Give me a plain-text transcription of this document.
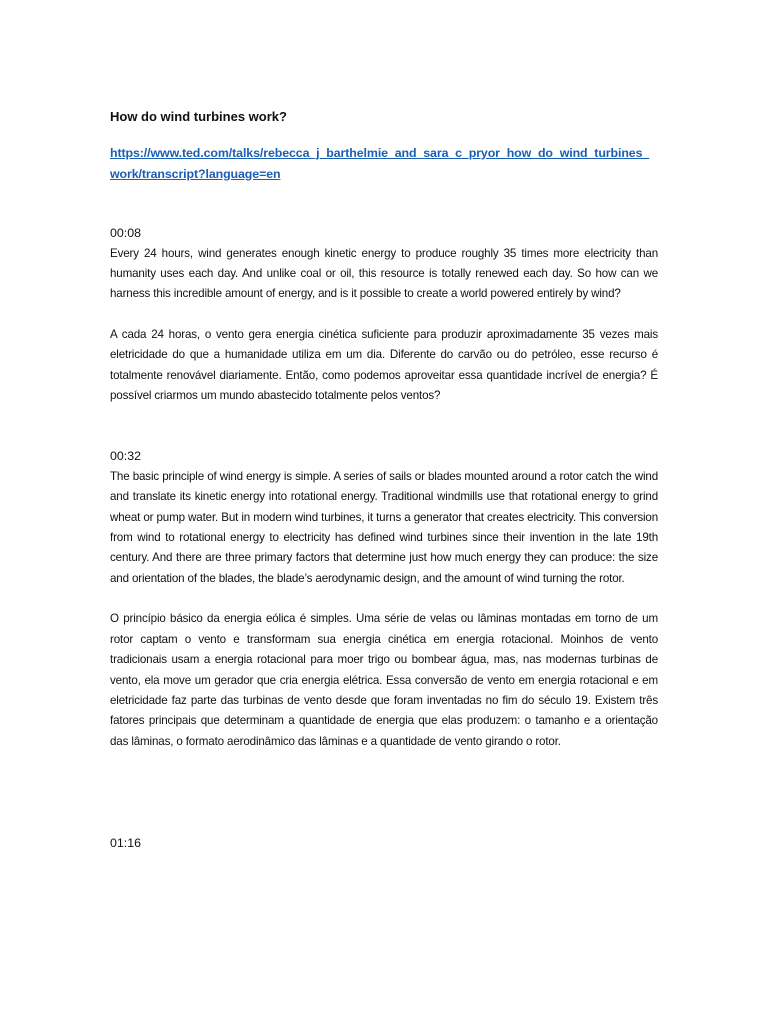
How do wind turbines work?
https://www.ted.com/talks/rebecca_j_barthelmie_and_sara_c_pryor_how_do_wind_turbines_work/transcript?language=en
00:08

Every 24 hours, wind generates enough kinetic energy to produce roughly 35 times more electricity than humanity uses each day. And unlike coal or oil, this resource is totally renewed each day. So how can we harness this incredible amount of energy, and is it possible to create a world powered entirely by wind?

A cada 24 horas, o vento gera energia cinética suficiente para produzir aproximadamente 35 vezes mais eletricidade do que a humanidade utiliza em um dia. Diferente do carvão ou do petróleo, esse recurso é totalmente renovável diariamente. Então, como podemos aproveitar essa quantidade incrível de energia? É possível criarmos um mundo abastecido totalmente pelos ventos?

00:32

The basic principle of wind energy is simple. A series of sails or blades mounted around a rotor catch the wind and translate its kinetic energy into rotational energy. Traditional windmills use that rotational energy to grind wheat or pump water. But in modern wind turbines, it turns a generator that creates electricity. This conversion from wind to rotational energy to electricity has defined wind turbines since their invention in the late 19th century. And there are three primary factors that determine just how much energy they can produce: the size and orientation of the blades, the blade’s aerodynamic design, and the amount of wind turning the rotor.

O princípio básico da energia eólica é simples. Uma série de velas ou lâminas montadas em torno de um rotor captam o vento e transformam sua energia cinética em energia rotacional. Moinhos de vento tradicionais usam a energia rotacional para moer trigo ou bombear água, mas, nas modernas turbinas de vento, ela move um gerador que cria energia elétrica. Essa conversão de vento em energia rotacional e em eletricidade faz parte das turbinas de vento desde que foram inventadas no fim do século 19. Existem três fatores principais que determinam a quantidade de energia que elas produzem: o tamanho e a orientação das lâminas, o formato aerodinâmico das lâminas e a quantidade de vento girando o rotor.

01:16
